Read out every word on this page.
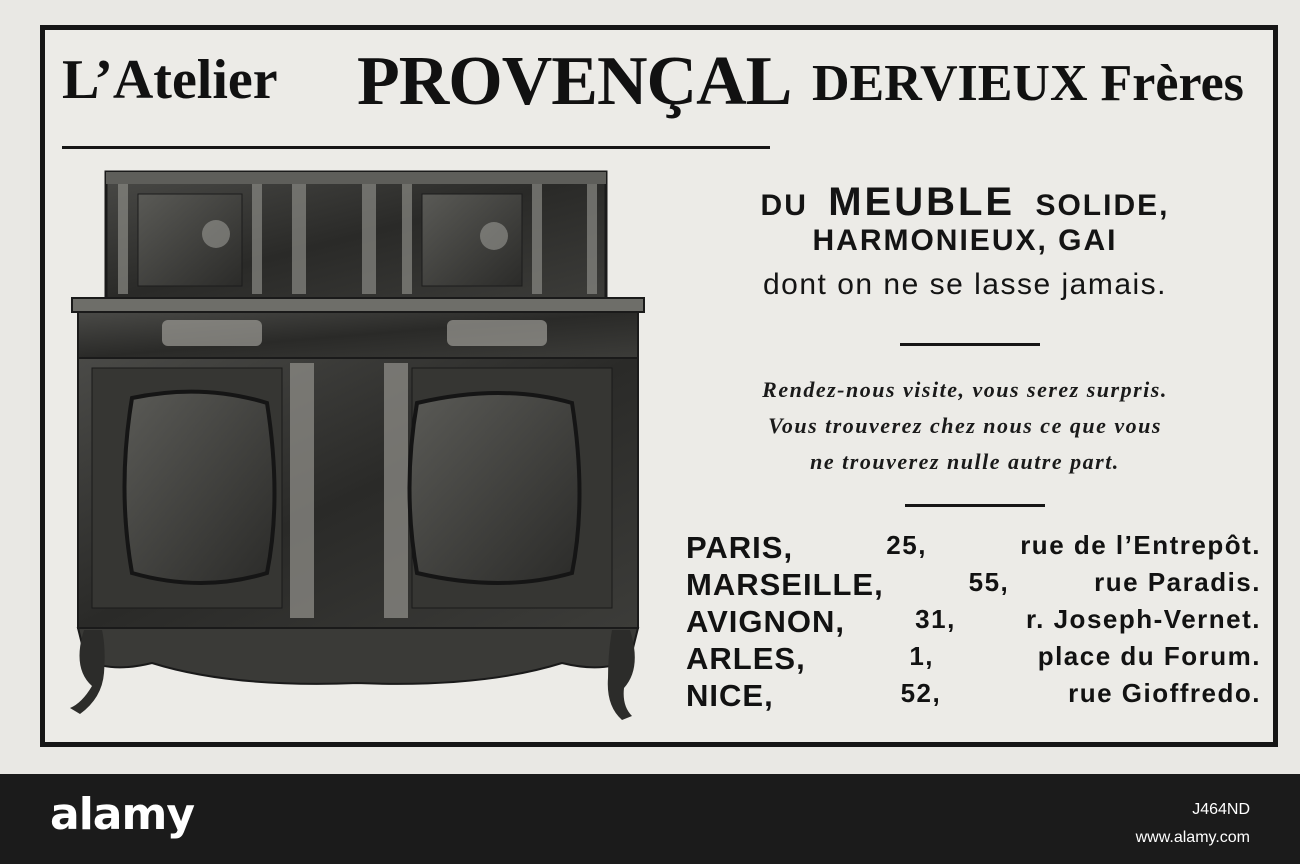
L’Atelier PROVENÇAL DERVIEUX Frères
DU MEUBLE SOLIDE,
HARMONIEUX, GAI
dont on ne se lasse jamais.
Rendez-nous visite, vous serez surpris.
Vous trouverez chez nous ce que vous
ne trouverez nulle autre part.
PARIS,	25,	rue de l’Entrepôt.
MARSEILLE,	55,	rue Paradis.
AVIGNON,	31,	r. Joseph-Vernet.
ARLES,	1,	place du Forum.
NICE,	52,	rue Gioffredo.
alamy	J464ND
www.alamy.com
